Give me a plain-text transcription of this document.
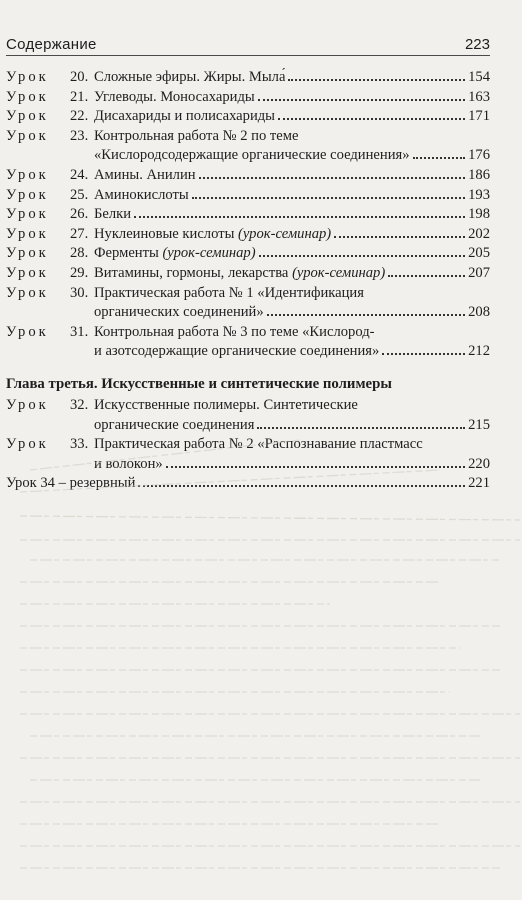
Содержание	223
Урок	20. Сложные эфиры. Жиры. Мыла́	154
Урок	21. Углеводы. Моносахариды	163
Урок	22. Дисахариды и полисахариды	171
Урок	23. Контрольная работа № 2 по теме
«Кислородсодержащие органические соединения»	176
Урок	24. Амины. Анилин	186
Урок	25. Аминокислоты	193
Урок	26. Белки	198
Урок	27. Нуклеиновые кислоты (урок-семинар)	202
Урок	28. Ферменты (урок-семинар)	205
Урок	29. Витамины, гормоны, лекарства (урок-семинар)	207
Урок	30. Практическая работа № 1 «Идентификация
органических соединений»	208
Урок	31. Контрольная работа № 3 по теме «Кислород-
и азотсодержащие органические соединения»	212
Глава третья. Искусственные и синтетические полимеры
Урок	32. Искусственные полимеры. Синтетические
органические соединения	215
Урок	33. Практическая работа № 2 «Распознавание пластмасс
и волокон»	220
Урок 34 – резервный	221
